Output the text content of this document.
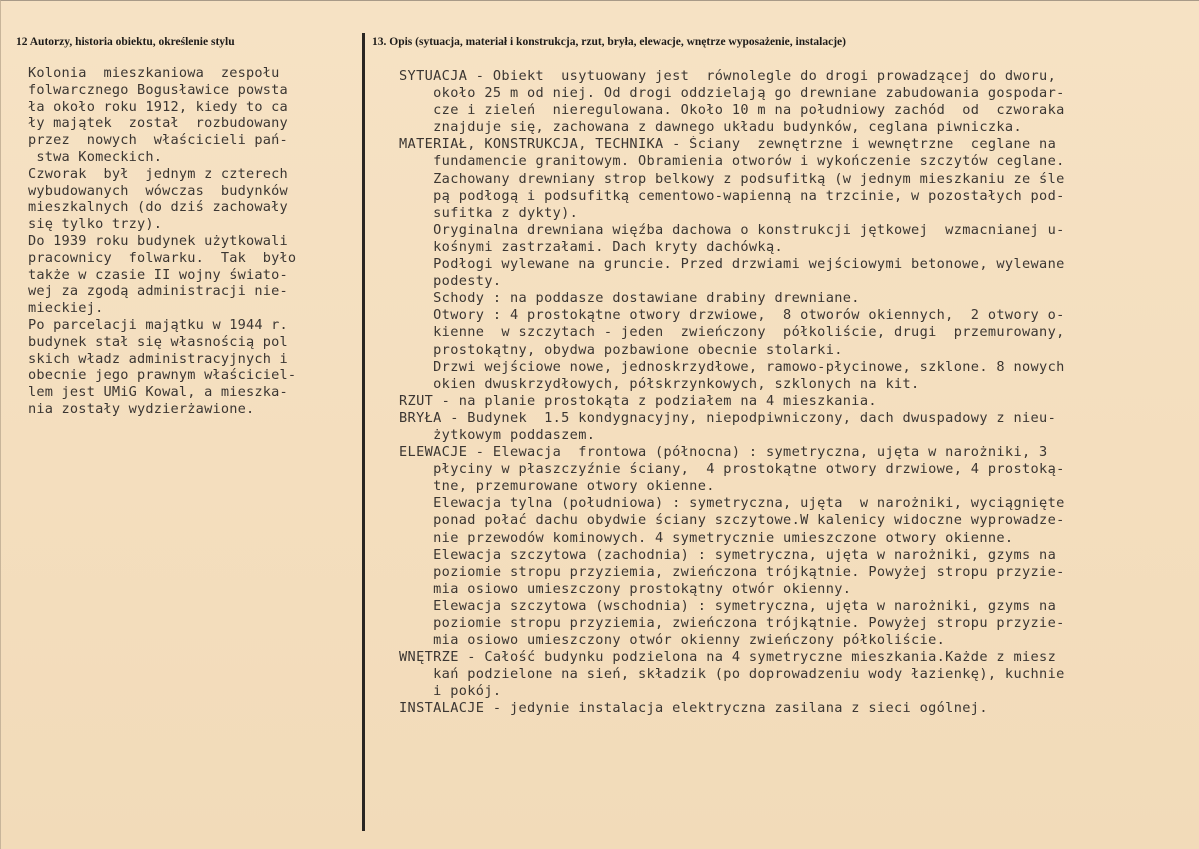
12 Autorzy, historia obiektu, określenie stylu	13. Opis (sytuacja, materiał i konstrukcja, rzut, bryła, elewacje, wnętrze wyposażenie, instalacje)
Kolonia  mieszkaniowa  zespołu
folwarcznego Bogusławice powsta
ła około roku 1912, kiedy to ca
ły majątek  został  rozbudowany
przez  nowych  właścicieli pań-
stwa Komeckich.
Czworak  był  jednym z czterech
wybudowanych  wówczas  budynków
mieszkalnych (do dziś zachowały
się tylko trzy).
Do 1939 roku budynek użytkowali
pracownicy  folwarku.  Tak  było
także w czasie II wojny świato-
wej za zgodą administracji nie-
mieckiej.
Po parcelacji majątku w 1944 r.
budynek stał się własnością pol
skich władz administracyjnych i
obecnie jego prawnym właściciel-
lem jest UMiG Kowal, a mieszka-
nia zostały wydzierżawione.
SYTUACJA - Obiekt  usytuowany jest  równolegle do drogi prowadzącej do dworu,
około 25 m od niej. Od drogi oddzielają go drewniane zabudowania gospodar-
cze i zieleń  nieregulowana. Około 10 m na południowy zachód  od  czworaka
znajduje się, zachowana z dawnego układu budynków, ceglana piwniczka.
MATERIAŁ, KONSTRUKCJA, TECHNIKA - Ściany  zewnętrzne i wewnętrzne  ceglane na
fundamencie granitowym. Obramienia otworów i wykończenie szczytów ceglane.
Zachowany drewniany strop belkowy z podsufitką (w jednym mieszkaniu ze śle
pą podłogą i podsufitką cementowo-wapienną na trzcinie, w pozostałych pod-
sufitka z dykty).
Oryginalna drewniana więźba dachowa o konstrukcji jętkowej  wzmacnianej u-
kośnymi zastrzałami. Dach kryty dachówką.
Podłogi wylewane na gruncie. Przed drzwiami wejściowymi betonowe, wylewane
podesty.
Schody : na poddasze dostawiane drabiny drewniane.
Otwory : 4 prostokątne otwory drzwiowe,  8 otworów okiennych,  2 otwory o-
kienne  w szczytach - jeden  zwieńczony  półkoliście, drugi  przemurowany,
prostokątny, obydwa pozbawione obecnie stolarki.
Drzwi wejściowe nowe, jednoskrzydłowe, ramowo-płycinowe, szklone. 8 nowych
okien dwuskrzydłowych, półskrzynkowych, szklonych na kit.
RZUT - na planie prostokąta z podziałem na 4 mieszkania.
BRYŁA - Budynek  1.5 kondygnacyjny, niepodpiwniczony, dach dwuspadowy z nieu-
żytkowym poddaszem.
ELEWACJE - Elewacja  frontowa (północna) : symetryczna, ujęta w narożniki, 3
płyciny w płaszczyźnie ściany,  4 prostokątne otwory drzwiowe, 4 prostoką-
tne, przemurowane otwory okienne.
Elewacja tylna (południowa) : symetryczna, ujęta  w narożniki, wyciągnięte
ponad połać dachu obydwie ściany szczytowe.W kalenicy widoczne wyprowadze-
nie przewodów kominowych. 4 symetrycznie umieszczone otwory okienne.
Elewacja szczytowa (zachodnia) : symetryczna, ujęta w narożniki, gzyms na
poziomie stropu przyziemia, zwieńczona trójkątnie. Powyżej stropu przyzie-
mia osiowo umieszczony prostokątny otwór okienny.
Elewacja szczytowa (wschodnia) : symetryczna, ujęta w narożniki, gzyms na
poziomie stropu przyziemia, zwieńczona trójkątnie. Powyżej stropu przyzie-
mia osiowo umieszczony otwór okienny zwieńczony półkoliście.
WNĘTRZE - Całość budynku podzielona na 4 symetryczne mieszkania.Każde z miesz
kań podzielone na sień, składzik (po doprowadzeniu wody łazienkę), kuchnie
i pokój.
INSTALACJE - jedynie instalacja elektryczna zasilana z sieci ogólnej.
